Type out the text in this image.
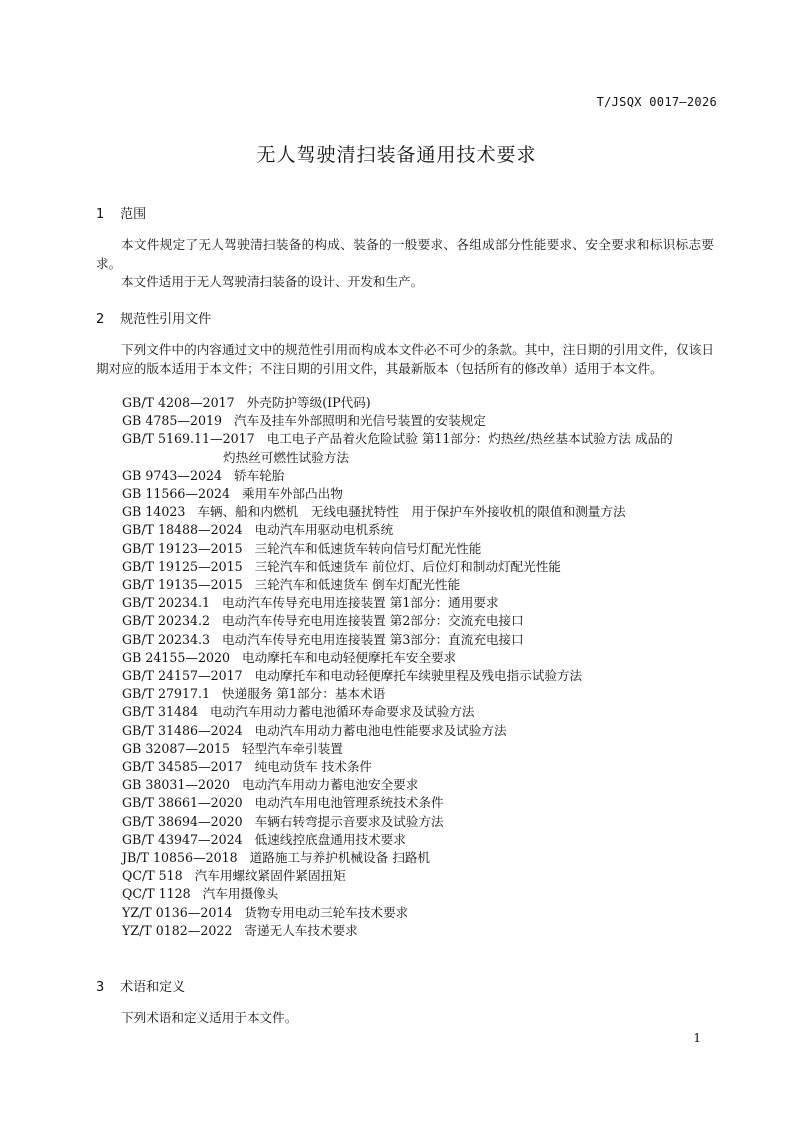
T/JSQX 0017—2026
无人驾驶清扫装备通用技术要求
1 范围

本文件规定了无人驾驶清扫装备的构成、装备的一般要求、各组成部分性能要求、安全要求和标识标志要求。

本文件适用于无人驾驶清扫装备的设计、开发和生产。

2 规范性引用文件

下列文件中的内容通过文中的规范性引用而构成本文件必不可少的条款。其中，注日期的引用文件，仅该日期对应的版本适用于本文件；不注日期的引用文件，其最新版本（包括所有的修改单）适用于本文件。

GB/T 4208—2017 外壳防护等级(IP代码)
GB 4785—2019 汽车及挂车外部照明和光信号装置的安装规定
GB/T 5169.11—2017 电工电子产品着火危险试验 第11部分：灼热丝/热丝基本试验方法 成品的
灼热丝可燃性试验方法
GB 9743—2024 轿车轮胎
GB 11566—2024 乘用车外部凸出物
GB 14023 车辆、船和内燃机　无线电骚扰特性　用于保护车外接收机的限值和测量方法
GB/T 18488—2024 电动汽车用驱动电机系统
GB/T 19123—2015 三轮汽车和低速货车转向信号灯配光性能
GB/T 19125—2015 三轮汽车和低速货车 前位灯、后位灯和制动灯配光性能
GB/T 19135—2015 三轮汽车和低速货车 倒车灯配光性能
GB/T 20234.1 电动汽车传导充电用连接装置 第1部分：通用要求
GB/T 20234.2 电动汽车传导充电用连接装置 第2部分：交流充电接口
GB/T 20234.3 电动汽车传导充电用连接装置 第3部分：直流充电接口
GB 24155—2020 电动摩托车和电动轻便摩托车安全要求
GB/T 24157—2017 电动摩托车和电动轻便摩托车续驶里程及残电指示试验方法
GB/T 27917.1 快递服务 第1部分：基本术语
GB/T 31484 电动汽车用动力蓄电池循环寿命要求及试验方法
GB/T 31486—2024 电动汽车用动力蓄电池电性能要求及试验方法
GB 32087—2015 轻型汽车牵引装置
GB/T 34585—2017 纯电动货车 技术条件
GB 38031—2020 电动汽车用动力蓄电池安全要求
GB/T 38661—2020 电动汽车用电池管理系统技术条件
GB/T 38694—2020 车辆右转弯提示音要求及试验方法
GB/T 43947—2024 低速线控底盘通用技术要求
JB/T 10856—2018 道路施工与养护机械设备 扫路机
QC/T 518 汽车用螺纹紧固件紧固扭矩
QC/T 1128 汽车用摄像头
YZ/T 0136—2014 货物专用电动三轮车技术要求
YZ/T 0182—2022 寄递无人车技术要求
3 术语和定义

下列术语和定义适用于本文件。

1
